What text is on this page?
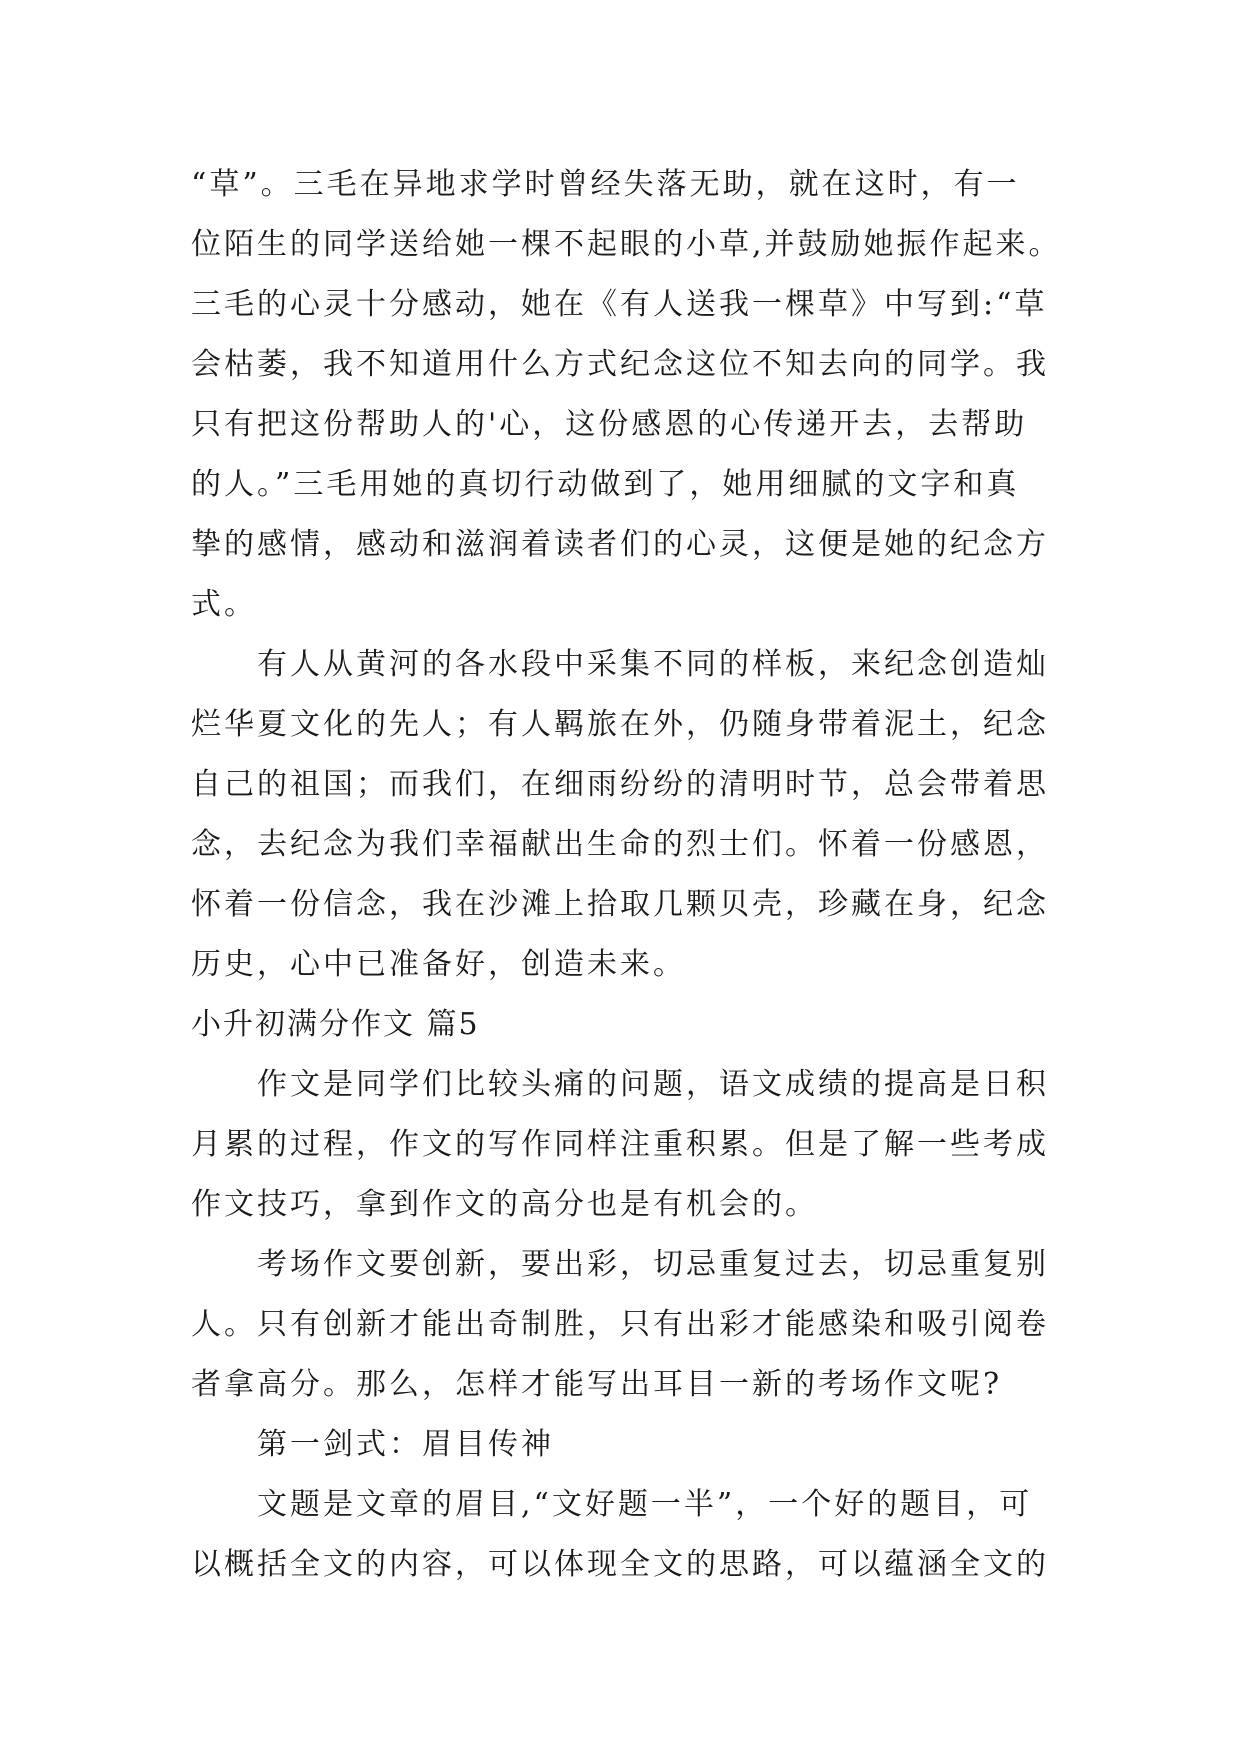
“草”。三毛在异地求学时曾经失落无助，就在这时，有一
位陌生的同学送给她一棵不起眼的小草,并鼓励她振作起来。
三毛的心灵十分感动，她在《有人送我一棵草》中写到:“草
会枯萎，我不知道用什么方式纪念这位不知去向的同学。我
只有把这份帮助人的'心，这份感恩的心传递开去，去帮助
的人。”三毛用她的真切行动做到了，她用细腻的文字和真
挚的感情，感动和滋润着读者们的心灵，这便是她的纪念方
式。
有人从黄河的各水段中采集不同的样板，来纪念创造灿
烂华夏文化的先人；有人羁旅在外，仍随身带着泥土，纪念
自己的祖国；而我们，在细雨纷纷的清明时节，总会带着思
念，去纪念为我们幸福献出生命的烈士们。怀着一份感恩，
怀着一份信念，我在沙滩上拾取几颗贝壳，珍藏在身，纪念
历史，心中已准备好，创造未来。
小升初满分作文 篇5
作文是同学们比较头痛的问题，语文成绩的提高是日积
月累的过程，作文的写作同样注重积累。但是了解一些考成
作文技巧，拿到作文的高分也是有机会的。
考场作文要创新，要出彩，切忌重复过去，切忌重复别
人。只有创新才能出奇制胜，只有出彩才能感染和吸引阅卷
者拿高分。那么，怎样才能写出耳目一新的考场作文呢?
第一剑式：眉目传神
文题是文章的眉目,“文好题一半”，一个好的题目，可
以概括全文的内容，可以体现全文的思路，可以蕴涵全文的
